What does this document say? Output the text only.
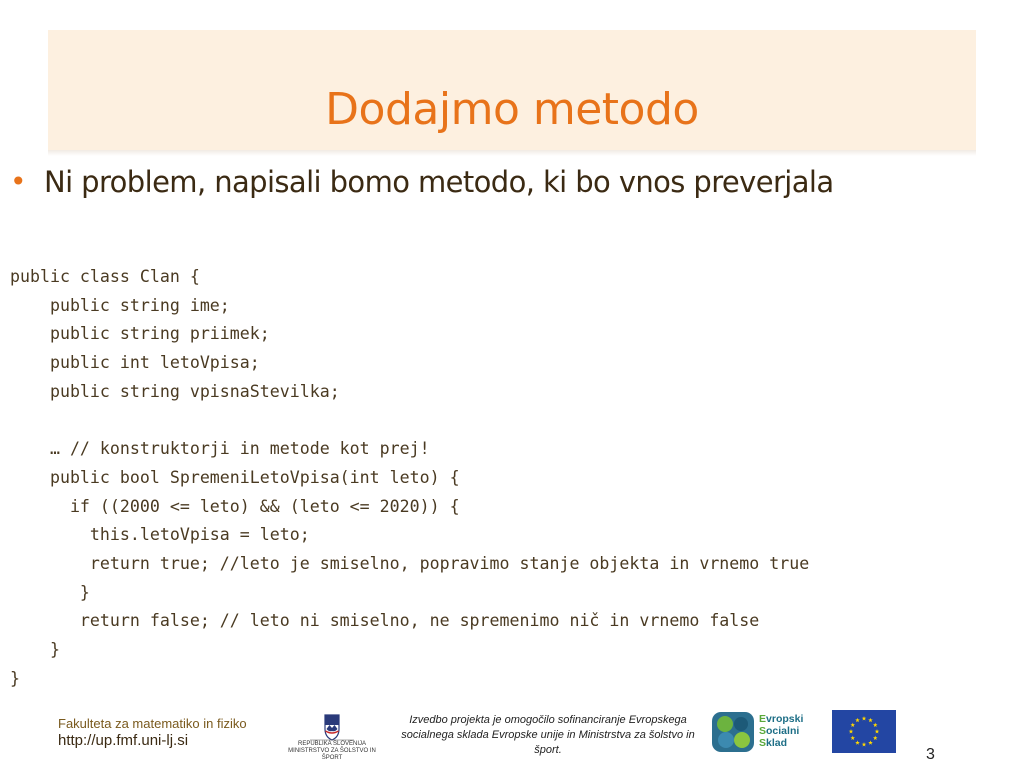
Dodajmo metodo
• Ni problem, napisali bomo metodo, ki bo vnos preverjala
public class Clan {
public string ime;
public string priimek;
public int letoVpisa;
public string vpisnaStevilka;
… // konstruktorji in metode kot prej!
public bool SpremeniLetoVpisa(int leto) {
if ((2000 <= leto) && (leto <= 2020)) {
this.letoVpisa = leto;
return true; //leto je smiselno, popravimo stanje objekta in vrnemo true
}
return false; // leto ni smiselno, ne spremenimo nič in vrnemo false
}
}
Fakulteta za matematiko in fiziko
http://up.fmf.uni-lj.si	REPUBLIKA SLOVENIJA
MINISTRSTVO ZA ŠOLSTVO IN ŠPORT
Izvedbo projekta je omogočilo sofinanciranje Evropskega socialnega sklada Evropske unije in Ministrstva za šolstvo in šport.
Evropski
Socialni
Sklad
3
